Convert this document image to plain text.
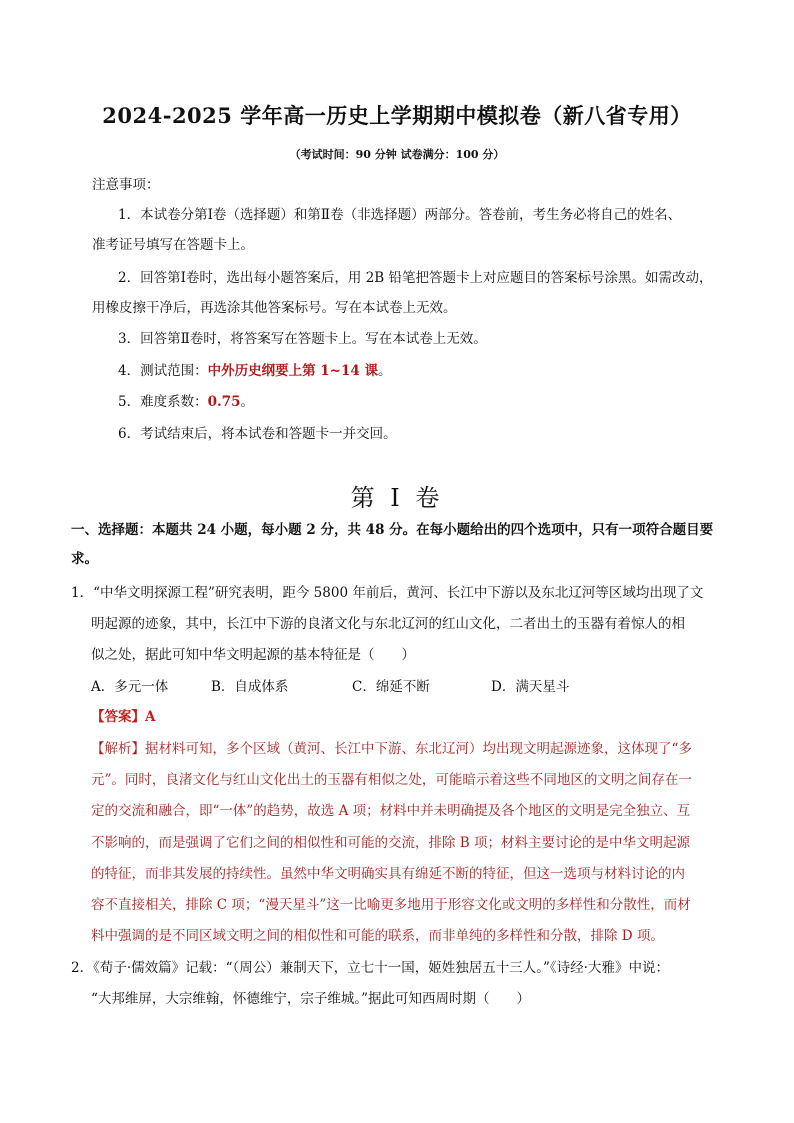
2024-2025 学年高一历史上学期期中模拟卷（新八省专用）
（考试时间：90 分钟 试卷满分：100 分）
注意事项：
1．本试卷分第Ⅰ卷（选择题）和第Ⅱ卷（非选择题）两部分。答卷前，考生务必将自己的姓名、
准考证号填写在答题卡上。
2．回答第Ⅰ卷时，选出每小题答案后，用 2B 铅笔把答题卡上对应题目的答案标号涂黑。如需改动，
用橡皮擦干净后，再选涂其他答案标号。写在本试卷上无效。
3．回答第Ⅱ卷时，将答案写在答题卡上。写在本试卷上无效。
4．测试范围：中外历史纲要上第 1~14 课。
5．难度系数：0.75。
6．考试结束后，将本试卷和答题卡一并交回。
第 I 卷
一、选择题：本题共 24 小题，每小题 2 分，共 48 分。在每小题给出的四个选项中，只有一项符合题目要
求。
1．“中华文明探源工程”研究表明，距今 5800 年前后，黄河、长江中下游以及东北辽河等区域均出现了文
明起源的迹象，其中，长江中下游的良渚文化与东北辽河的红山文化，二者出土的玉器有着惊人的相
似之处，据此可知中华文明起源的基本特征是（　　）
A．多元一体	B．自成体系	C．绵延不断	D．满天星斗
【答案】A
【解析】据材料可知，多个区域（黄河、长江中下游、东北辽河）均出现文明起源迹象，这体现了“多
元”。同时，良渚文化与红山文化出土的玉器有相似之处，可能暗示着这些不同地区的文明之间存在一
定的交流和融合，即“一体”的趋势，故选 A 项；材料中并未明确提及各个地区的文明是完全独立、互
不影响的，而是强调了它们之间的相似性和可能的交流，排除 B 项；材料主要讨论的是中华文明起源
的特征，而非其发展的持续性。虽然中华文明确实具有绵延不断的特征，但这一选项与材料讨论的内
容不直接相关，排除 C 项；“漫天星斗”这一比喻更多地用于形容文化或文明的多样性和分散性，而材
料中强调的是不同区域文明之间的相似性和可能的联系，而非单纯的多样性和分散，排除 D 项。
2．《荀子·儒效篇》记载：“（周公）兼制天下，立七十一国，姬姓独居五十三人。”《诗经·大雅》中说：
“大邦维屏，大宗维翰，怀德维宁，宗子维城。”据此可知西周时期（　　）
